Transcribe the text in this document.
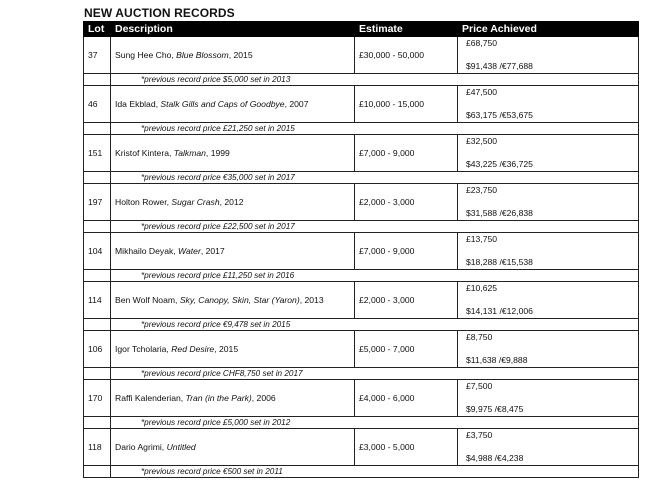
NEW AUCTION RECORDS
Lot	Description	Estimate	Price Achieved
37	Sung Hee Cho, Blue Blossom, 2015	£30,000 - 50,000	£68,750
$91,438 /€77,688

	*previous record price $5,000 set in 2013		
46	Ida Ekblad, Stalk Gills and Caps of Goodbye, 2007	£10,000 - 15,000	£47,500
$63,175 /€53,675

	*previous record price £21,250 set in 2015		
151	Kristof Kintera, Talkman, 1999	£7,000 - 9,000	£32,500
$43,225 /€36,725

	*previous record price €35,000 set in 2017		
197	Holton Rower, Sugar Crash, 2012	£2,000 - 3,000	£23,750
$31,588 /€26,838

	*previous record price £22,500 set in 2017		
104	Mikhailo Deyak, Water, 2017	£7,000 - 9,000	£13,750
$18,288 /€15,538

	*previous record price £11,250 set in 2016		
114	Ben Wolf Noam, Sky, Canopy, Skin, Star (Yaron), 2013	£2,000 - 3,000	£10,625
$14,131 /€12,006

	*previous record price €9,478 set in 2015		
106	Igor Tcholaria, Red Desire, 2015	£5,000 - 7,000	£8,750
$11,638 /€9,888

	*previous record price CHF8,750 set in 2017		
170	Raffi Kalenderian, Tran (in the Park), 2006	£4,000 - 6,000	£7,500
$9,975 /€8,475

	*previous record price £5,000 set in 2012		
118	Dario Agrimi, Untitled	£3,000 - 5,000	£3,750
$4,988 /€4,238

	*previous record price €500 set in 2011		
